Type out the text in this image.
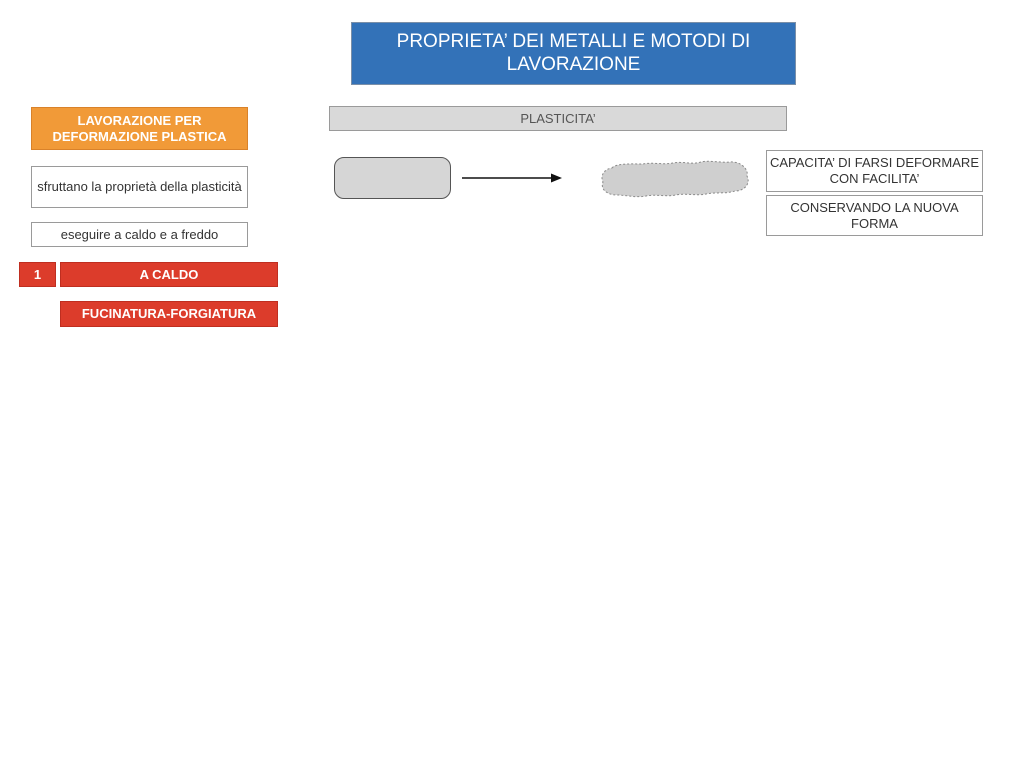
PROPRIETA’ DEI METALLI E MOTODI DI LAVORAZIONE
LAVORAZIONE PER DEFORMAZIONE PLASTICA
sfruttano la proprietà della plasticità
eseguire a caldo e a freddo
1	A CALDO
FUCINATURA-FORGIATURA
PLASTICITA’
CAPACITA’ DI FARSI DEFORMARE CON FACILITA’
CONSERVANDO LA NUOVA FORMA
